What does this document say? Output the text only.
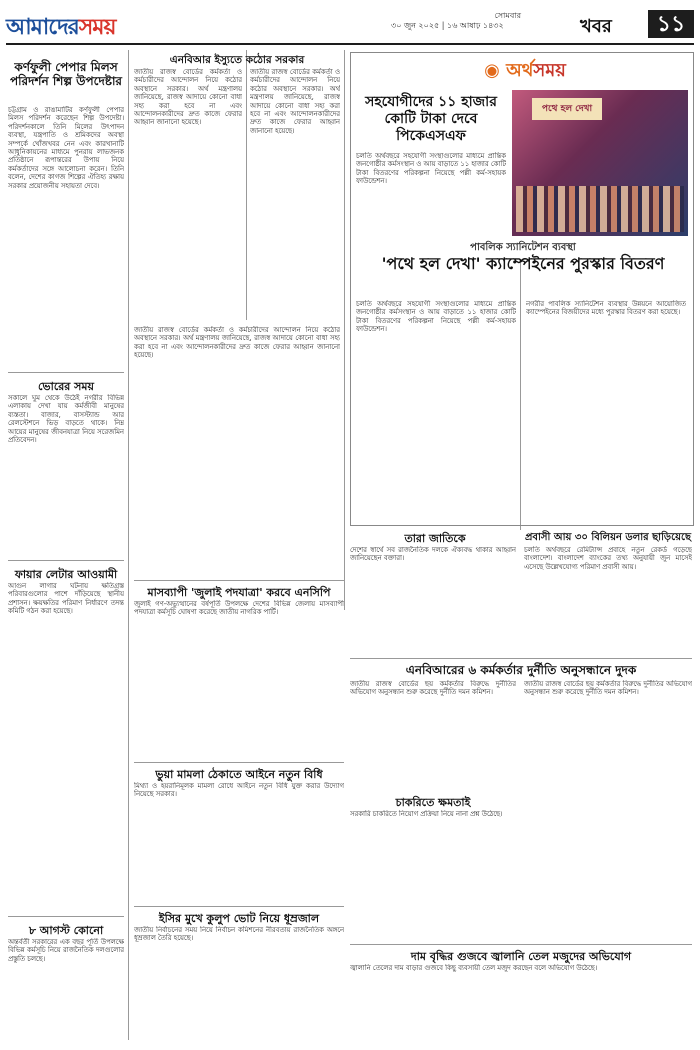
আমাদেরসময়	সোমবার
৩০ জুন ২০২৫ | ১৬ আষাঢ় ১৪৩২	খবর	১১
কর্ণফুলী পেপার মিলস পরিদর্শন শিল্প উপদেষ্টার
চট্টগ্রাম ও রাঙামাটির কর্ণফুলী পেপার মিলস পরিদর্শন করেছেন শিল্প উপদেষ্টা। পরিদর্শনকালে তিনি মিলের উৎপাদন ব্যবস্থা, যন্ত্রপাতি ও শ্রমিকদের অবস্থা সম্পর্কে খোঁজখবর নেন এবং কারখানাটি আধুনিকায়নের মাধ্যমে পুনরায় লাভজনক প্রতিষ্ঠানে রূপান্তরের উপায় নিয়ে কর্মকর্তাদের সঙ্গে আলোচনা করেন। তিনি বলেন, দেশের কাগজ শিল্পের ঐতিহ্য রক্ষায় সরকার প্রয়োজনীয় সহায়তা দেবে।
ভোরের সময়
সকালে ঘুম থেকে উঠেই নগরীর বিভিন্ন এলাকায় দেখা যায় কর্মজীবী মানুষের ব্যস্ততা। বাজার, বাসস্ট্যান্ড আর রেলস্টেশনে ভিড় বাড়তে থাকে। নিম্ন আয়ের মানুষের জীবনযাত্রা নিয়ে সরেজমিন প্রতিবেদন।
ফায়ার লেটার আওয়ামী
আগুন লাগার ঘটনায় ক্ষতিগ্রস্ত পরিবারগুলোর পাশে দাঁড়িয়েছে স্থানীয় প্রশাসন। ক্ষয়ক্ষতির পরিমাণ নির্ধারণে তদন্ত কমিটি গঠন করা হয়েছে।
৮ আগস্ট কোনো
অন্তর্বর্তী সরকারের এক বছর পূর্তি উপলক্ষে বিভিন্ন কর্মসূচি নিয়ে রাজনৈতিক দলগুলোর প্রস্তুতি চলছে।
এনবিআর ইস্যুতে কঠোর সরকার
জাতীয় রাজস্ব বোর্ডের কর্মকর্তা ও কর্মচারীদের আন্দোলন নিয়ে কঠোর অবস্থানে সরকার। অর্থ মন্ত্রণালয় জানিয়েছে, রাজস্ব আদায়ে কোনো বাধা সহ্য করা হবে না এবং আন্দোলনকারীদের দ্রুত কাজে ফেরার আহ্বান জানানো হয়েছে।
জাতীয় রাজস্ব বোর্ডের কর্মকর্তা ও কর্মচারীদের আন্দোলন নিয়ে কঠোর অবস্থানে সরকার। অর্থ মন্ত্রণালয় জানিয়েছে, রাজস্ব আদায়ে কোনো বাধা সহ্য করা হবে না এবং আন্দোলনকারীদের দ্রুত কাজে ফেরার আহ্বান জানানো হয়েছে।
◉ অর্থসময়
সহযোগীদের ১১ হাজার কোটি টাকা দেবে পিকেএসএফ
চলতি অর্থবছরে সহযোগী সংস্থাগুলোর মাধ্যমে প্রান্তিক জনগোষ্ঠীর কর্মসংস্থান ও আয় বাড়াতে ১১ হাজার কোটি টাকা বিতরণের পরিকল্পনা নিয়েছে পল্লী কর্ম-সহায়ক ফাউন্ডেশন।
পথে হল দেখা
পাবলিক স্যানিটেশন ব্যবস্থা
'পথে হল দেখা' ক্যাম্পেইনের পুরস্কার বিতরণ
চলতি অর্থবছরে সহযোগী সংস্থাগুলোর মাধ্যমে প্রান্তিক জনগোষ্ঠীর কর্মসংস্থান ও আয় বাড়াতে ১১ হাজার কোটি টাকা বিতরণের পরিকল্পনা নিয়েছে পল্লী কর্ম-সহায়ক ফাউন্ডেশন।
নগরীর পাবলিক স্যানিটেশন ব্যবস্থার উন্নয়নে আয়োজিত ক্যাম্পেইনের বিজয়ীদের মধ্যে পুরস্কার বিতরণ করা হয়েছে।
জাতীয় রাজস্ব বোর্ডের কর্মকর্তা ও কর্মচারীদের আন্দোলন নিয়ে কঠোর অবস্থানে সরকার। অর্থ মন্ত্রণালয় জানিয়েছে, রাজস্ব আদায়ে কোনো বাধা সহ্য করা হবে না এবং আন্দোলনকারীদের দ্রুত কাজে ফেরার আহ্বান জানানো হয়েছে।
তারা জাতিকে
দেশের স্বার্থে সব রাজনৈতিক দলকে ঐক্যবদ্ধ থাকার আহ্বান জানিয়েছেন বক্তারা।
প্রবাসী আয় ৩০ বিলিয়ন ডলার ছাড়িয়েছে
চলতি অর্থবছরে রেমিট্যান্স প্রবাহে নতুন রেকর্ড গড়েছে বাংলাদেশ। বাংলাদেশ ব্যাংকের তথ্য অনুযায়ী জুন মাসেই এসেছে উল্লেখযোগ্য পরিমাণ প্রবাসী আয়।
মাসব্যাপী 'জুলাই পদযাত্রা' করবে এনসিপি
জুলাই গণ-অভ্যুত্থানের বর্ষপূর্তি উপলক্ষে দেশের বিভিন্ন জেলায় মাসব্যাপী পদযাত্রা কর্মসূচি ঘোষণা করেছে জাতীয় নাগরিক পার্টি।
এনবিআরের ৬ কর্মকর্তার দুর্নীতি অনুসন্ধানে দুদক
জাতীয় রাজস্ব বোর্ডের ছয় কর্মকর্তার বিরুদ্ধে দুর্নীতির অভিযোগ অনুসন্ধান শুরু করেছে দুর্নীতি দমন কমিশন।
জাতীয় রাজস্ব বোর্ডের ছয় কর্মকর্তার বিরুদ্ধে দুর্নীতির অভিযোগ অনুসন্ধান শুরু করেছে দুর্নীতি দমন কমিশন।
ভুয়া মামলা ঠেকাতে আইনে নতুন বিধি
মিথ্যা ও হয়রানিমূলক মামলা রোধে আইনে নতুন বিধি যুক্ত করার উদ্যোগ নিয়েছে সরকার।
চাকরিতে ক্ষমতাই
সরকারি চাকরিতে নিয়োগ প্রক্রিয়া নিয়ে নানা প্রশ্ন উঠেছে।
ইসির মুখে কুলুপ ভোট নিয়ে ধূম্রজাল
জাতীয় নির্বাচনের সময় নিয়ে নির্বাচন কমিশনের নীরবতায় রাজনৈতিক অঙ্গনে ধূম্রজাল তৈরি হয়েছে।
দাম বৃদ্ধির গুজবে জ্বালানি তেল মজুদের অভিযোগ
জ্বালানি তেলের দাম বাড়ার গুজবে কিছু ব্যবসায়ী তেল মজুদ করছেন বলে অভিযোগ উঠেছে।
